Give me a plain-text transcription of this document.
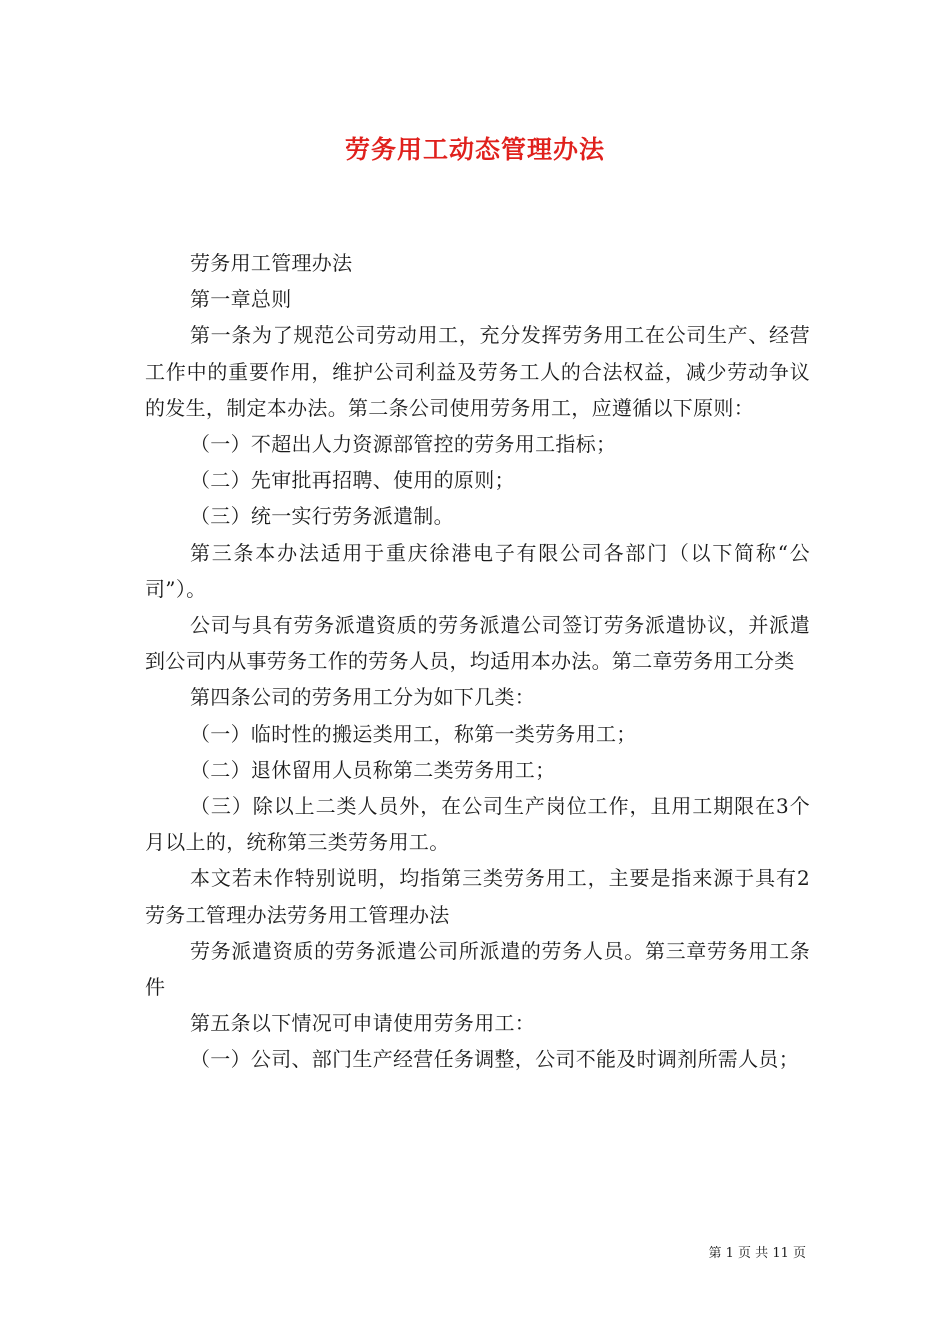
劳务用工动态管理办法

劳务用工管理办法

第一章总则

第一条为了规范公司劳动用工，充分发挥劳务用工在公司生产、经营工作中的重要作用，维护公司利益及劳务工人的合法权益，减少劳动争议的发生，制定本办法。第二条公司使用劳务用工，应遵循以下原则：

（一）不超出人力资源部管控的劳务用工指标；

（二）先审批再招聘、使用的原则；

（三）统一实行劳务派遣制。

第三条本办法适用于重庆徐港电子有限公司各部门（以下简称“公司”）。

公司与具有劳务派遣资质的劳务派遣公司签订劳务派遣协议，并派遣到公司内从事劳务工作的劳务人员，均适用本办法。第二章劳务用工分类

第四条公司的劳务用工分为如下几类：

（一）临时性的搬运类用工，称第一类劳务用工；

（二）退休留用人员称第二类劳务用工；

（三）除以上二类人员外，在公司生产岗位工作，且用工期限在3个月以上的，统称第三类劳务用工。

本文若未作特别说明，均指第三类劳务用工，主要是指来源于具有2劳务工管理办法劳务用工管理办法

劳务派遣资质的劳务派遣公司所派遣的劳务人员。第三章劳务用工条件

第五条以下情况可申请使用劳务用工：

（一）公司、部门生产经营任务调整，公司不能及时调剂所需人员；

第 1 页 共 11 页
